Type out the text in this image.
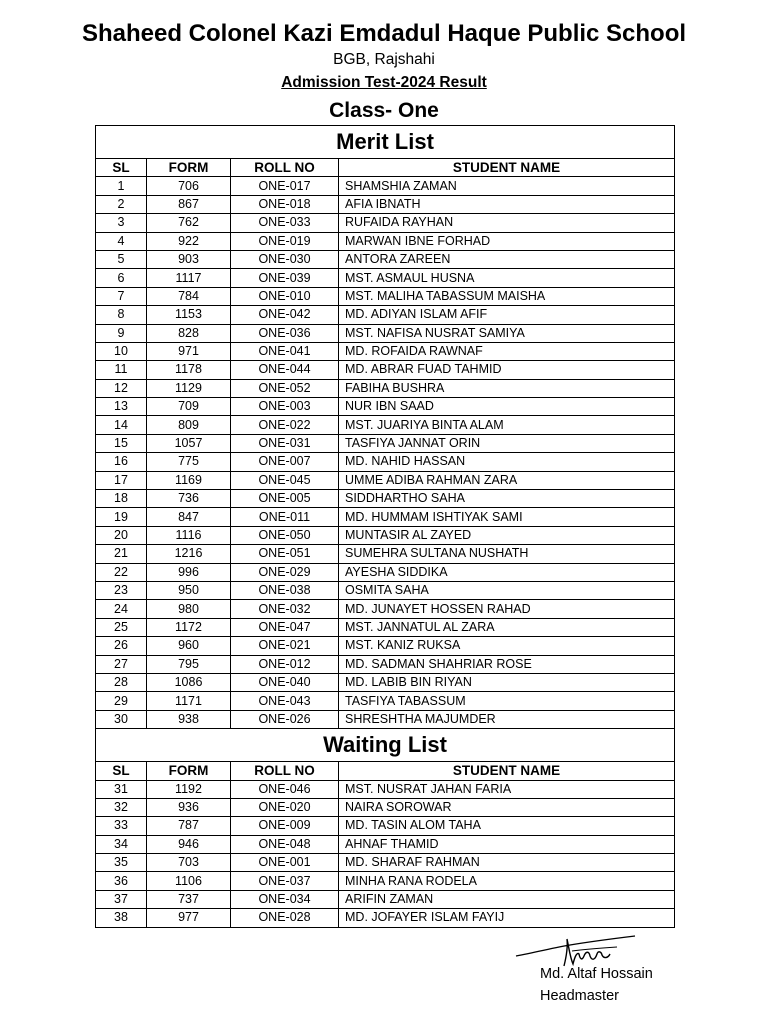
Shaheed Colonel Kazi Emdadul Haque Public School
BGB, Rajshahi
Admission Test-2024 Result
Class- One
Merit List			
SL	FORM	ROLL NO	STUDENT NAME
1	706	ONE-017	SHAMSHIA ZAMAN
2	867	ONE-018	AFIA IBNATH
3	762	ONE-033	RUFAIDA RAYHAN
4	922	ONE-019	MARWAN IBNE FORHAD
5	903	ONE-030	ANTORA ZAREEN
6	1117	ONE-039	MST. ASMAUL HUSNA
7	784	ONE-010	MST. MALIHA TABASSUM MAISHA
8	1153	ONE-042	MD. ADIYAN ISLAM AFIF
9	828	ONE-036	MST. NAFISA NUSRAT SAMIYA
10	971	ONE-041	MD. ROFAIDA RAWNAF
11	1178	ONE-044	MD. ABRAR FUAD TAHMID
12	1129	ONE-052	FABIHA BUSHRA
13	709	ONE-003	NUR IBN SAAD
14	809	ONE-022	MST. JUARIYA BINTA ALAM
15	1057	ONE-031	TASFIYA JANNAT ORIN
16	775	ONE-007	MD. NAHID HASSAN
17	1169	ONE-045	UMME ADIBA RAHMAN ZARA
18	736	ONE-005	SIDDHARTHO SAHA
19	847	ONE-011	MD. HUMMAM ISHTIYAK SAMI
20	1116	ONE-050	MUNTASIR AL ZAYED
21	1216	ONE-051	SUMEHRA SULTANA NUSHATH
22	996	ONE-029	AYESHA SIDDIKA
23	950	ONE-038	OSMITA SAHA
24	980	ONE-032	MD. JUNAYET HOSSEN RAHAD
25	1172	ONE-047	MST. JANNATUL AL ZARA
26	960	ONE-021	MST. KANIZ RUKSA
27	795	ONE-012	MD. SADMAN SHAHRIAR ROSE
28	1086	ONE-040	MD. LABIB BIN RIYAN
29	1171	ONE-043	TASFIYA TABASSUM
30	938	ONE-026	SHRESHTHA MAJUMDER
Waiting List			
SL	FORM	ROLL NO	STUDENT NAME
31	1192	ONE-046	MST. NUSRAT JAHAN FARIA
32	936	ONE-020	NAIRA SOROWAR
33	787	ONE-009	MD. TASIN ALOM TAHA
34	946	ONE-048	AHNAF THAMID
35	703	ONE-001	MD. SHARAF RAHMAN
36	1106	ONE-037	MINHA RANA RODELA
37	737	ONE-034	ARIFIN ZAMAN
38	977	ONE-028	MD. JOFAYER ISLAM FAYIJ
Md. Altaf Hossain
Headmaster
